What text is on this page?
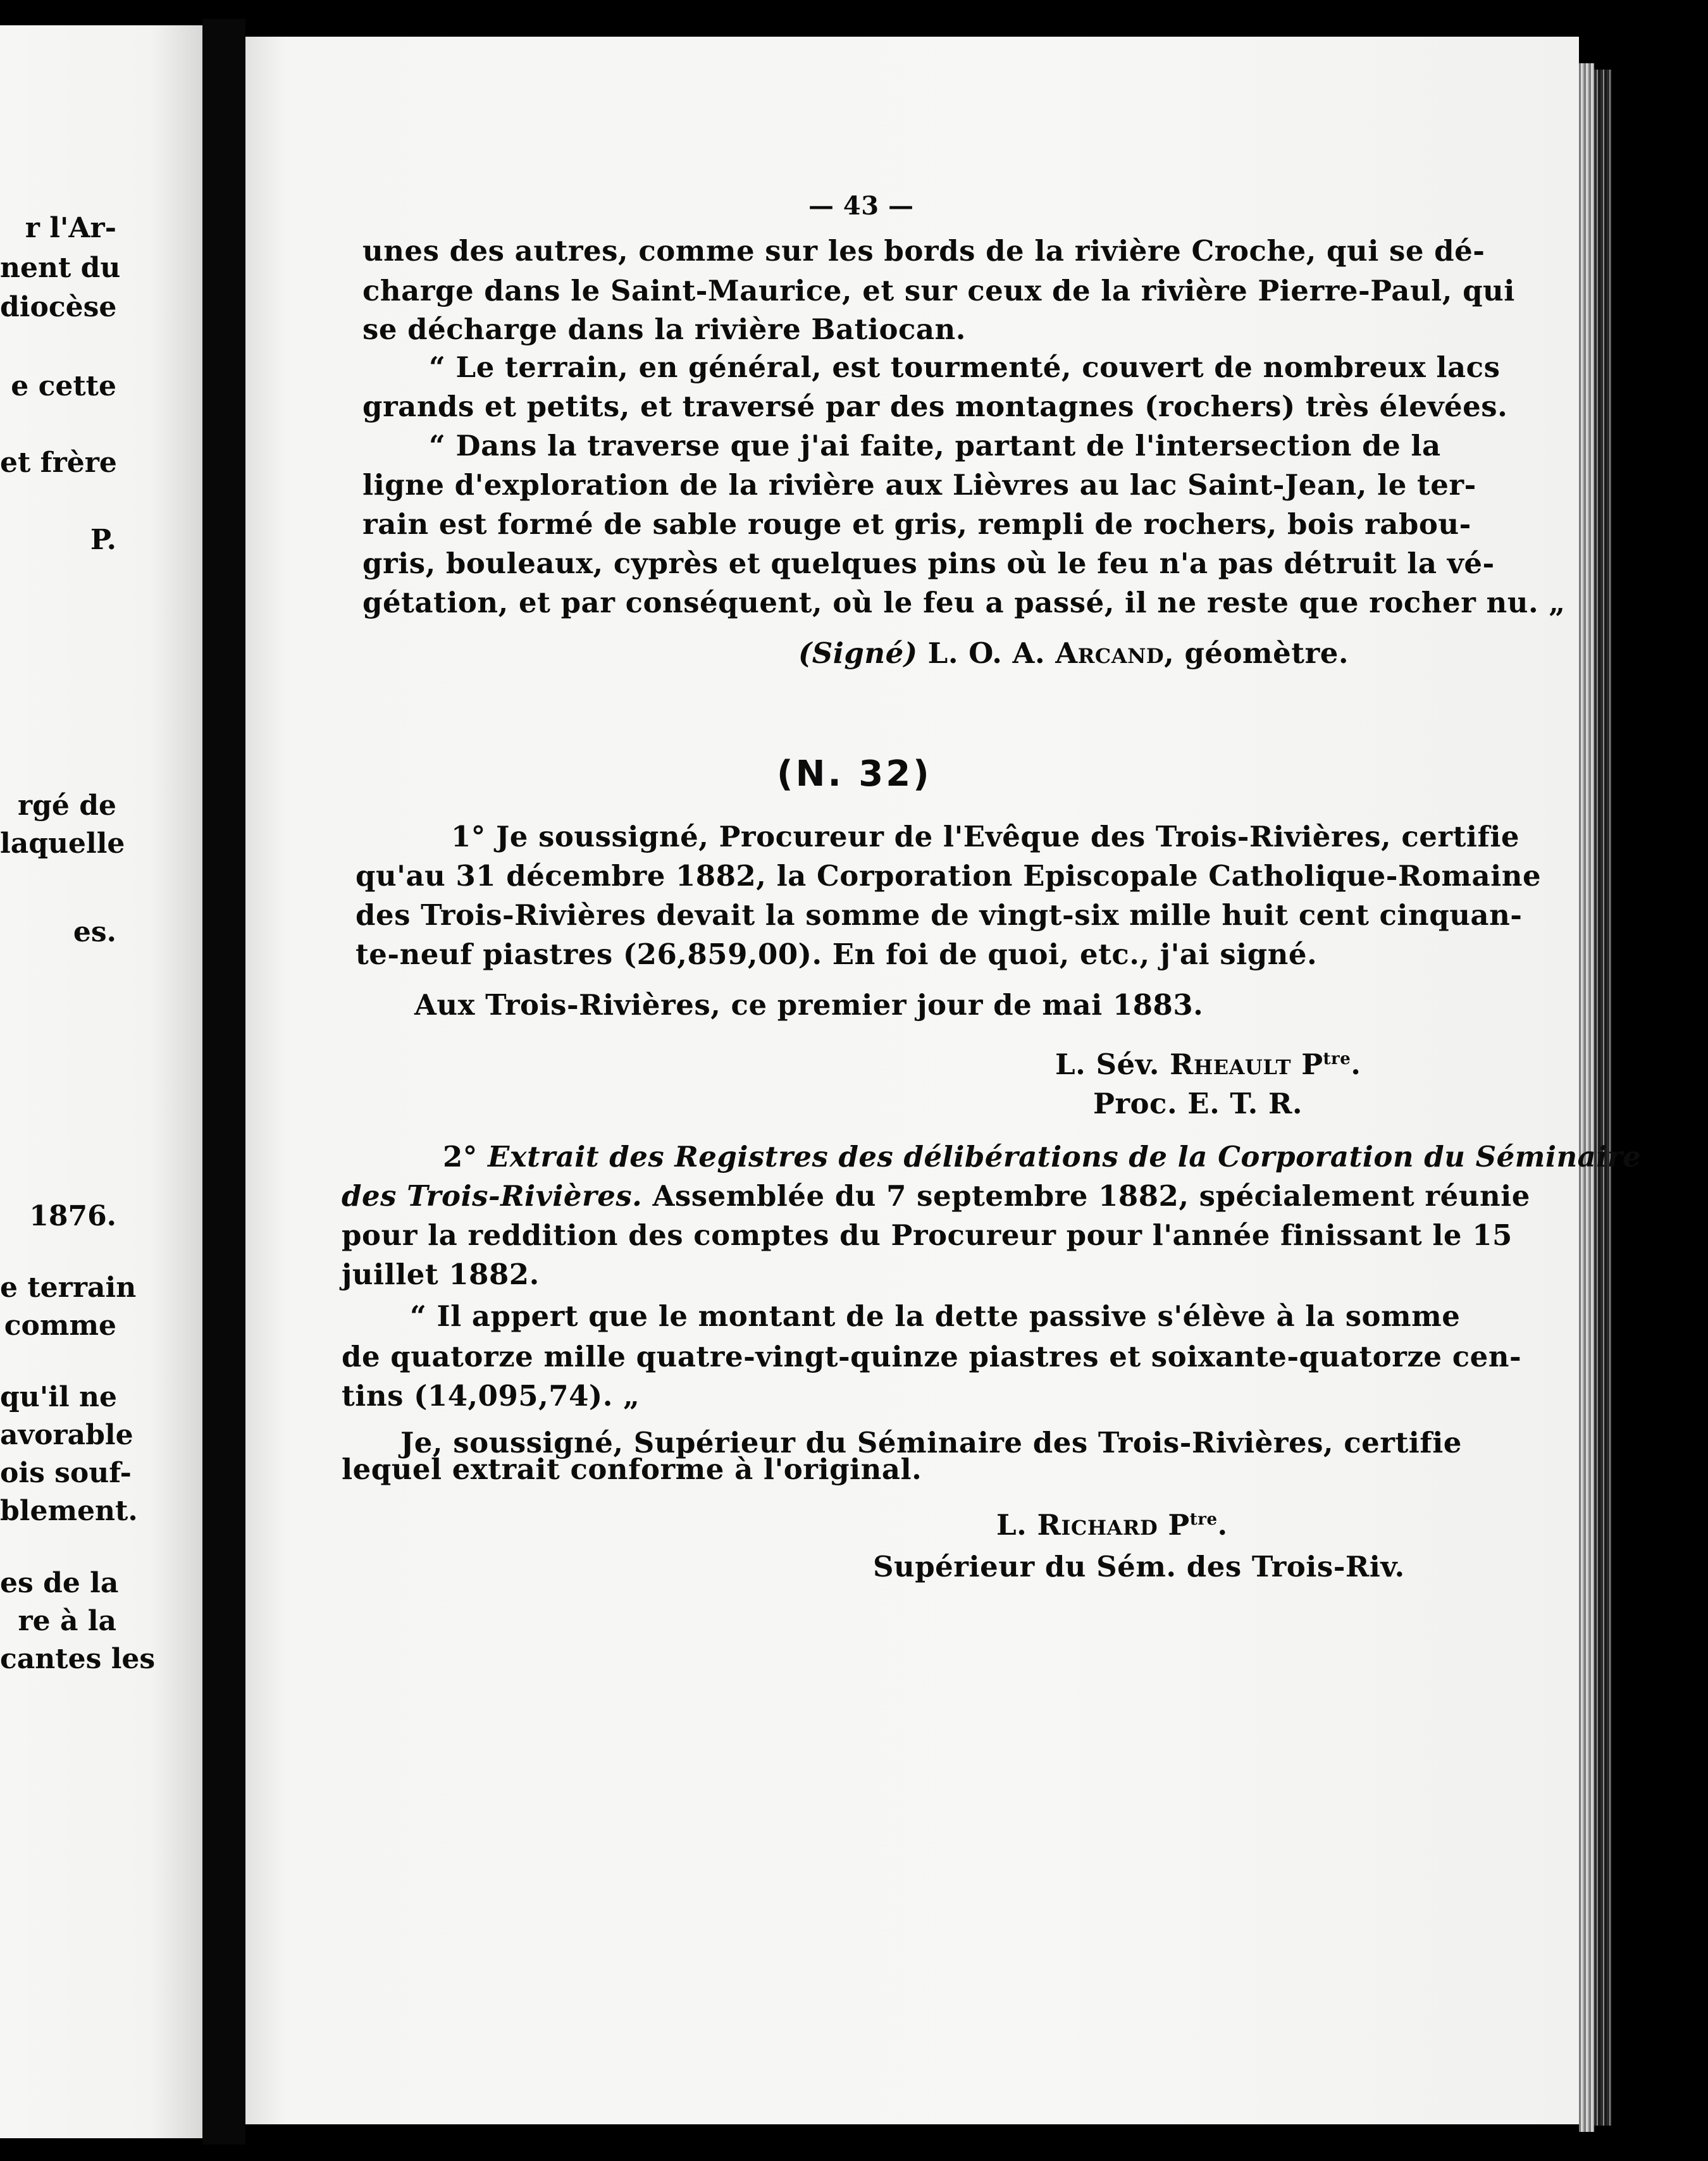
r l'Ar-
nent du
diocèse
e cette
et frère
P.
rgé de
laquelle
es.
1876.
e terrain
comme
qu'il ne
avorable
ois souf-
blement.
es de la
re à la
cantes les
— 43 —
unes des autres, comme sur les bords de la rivière Croche, qui se dé-
charge dans le Saint-Maurice, et sur ceux de la rivière Pierre-Paul, qui
se décharge dans la rivière Batiocan.
“ Le terrain, en général, est tourmenté, couvert de nombreux lacs
grands et petits, et traversé par des montagnes (rochers) très élevées.
“ Dans la traverse que j'ai faite, partant de l'intersection de la
ligne d'exploration de la rivière aux Lièvres au lac Saint-Jean, le ter-
rain est formé de sable rouge et gris, rempli de rochers, bois rabou-
gris, bouleaux, cyprès et quelques pins où le feu n'a pas détruit la vé-
gétation, et par conséquent, où le feu a passé, il ne reste que rocher nu. „
(Signé) L. O. A. Arcand, géomètre.
(N. 32)
1° Je soussigné, Procureur de l'Evêque des Trois-Rivières, certifie
qu'au 31 décembre 1882, la Corporation Episcopale Catholique-Romaine
des Trois-Rivières devait la somme de vingt-six mille huit cent cinquan-
te-neuf piastres (26,859,00). En foi de quoi, etc., j'ai signé.
Aux Trois-Rivières, ce premier jour de mai 1883.
L. Sév. Rheault $P^{tre}$.
Proc. E. T. R.
2° Extrait des Registres des délibérations de la Corporation du Séminaire
des Trois-Rivières. Assemblée du 7 septembre 1882, spécialement réunie
pour la reddition des comptes du Procureur pour l'année finissant le 15
juillet 1882.
“ Il appert que le montant de la dette passive s'élève à la somme
de quatorze mille quatre-vingt-quinze piastres et soixante-quatorze cen-
tins (14,095,74). „
Je, soussigné, Supérieur du Séminaire des Trois-Rivières, certifie
lequel extrait conforme à l'original.
L. Richard $P^{tre}$.
Supérieur du Sém. des Trois-Riv.
